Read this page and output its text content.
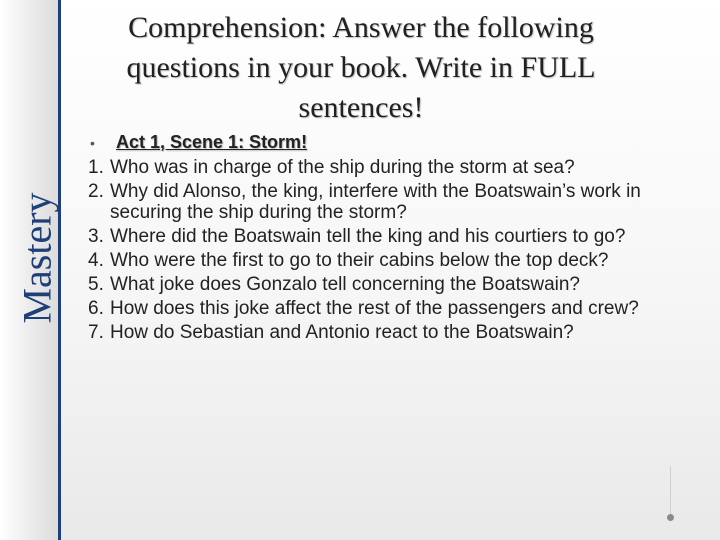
Mastery
Comprehension: Answer the following questions in your book. Write in FULL sentences!
•	Act 1, Scene 1: Storm!
1. Who was in charge of the ship during the storm at sea?
2. Why did Alonso, the king, interfere with the Boatswain’s work in securing the ship during the storm?
3. Where did the Boatswain tell the king and his courtiers to go?
4. Who were the first to go to their cabins below the top deck?
5. What joke does Gonzalo tell concerning the Boatswain?
6. How does this joke affect the rest of the passengers and crew?
7. How do Sebastian and Antonio react to the Boatswain?
